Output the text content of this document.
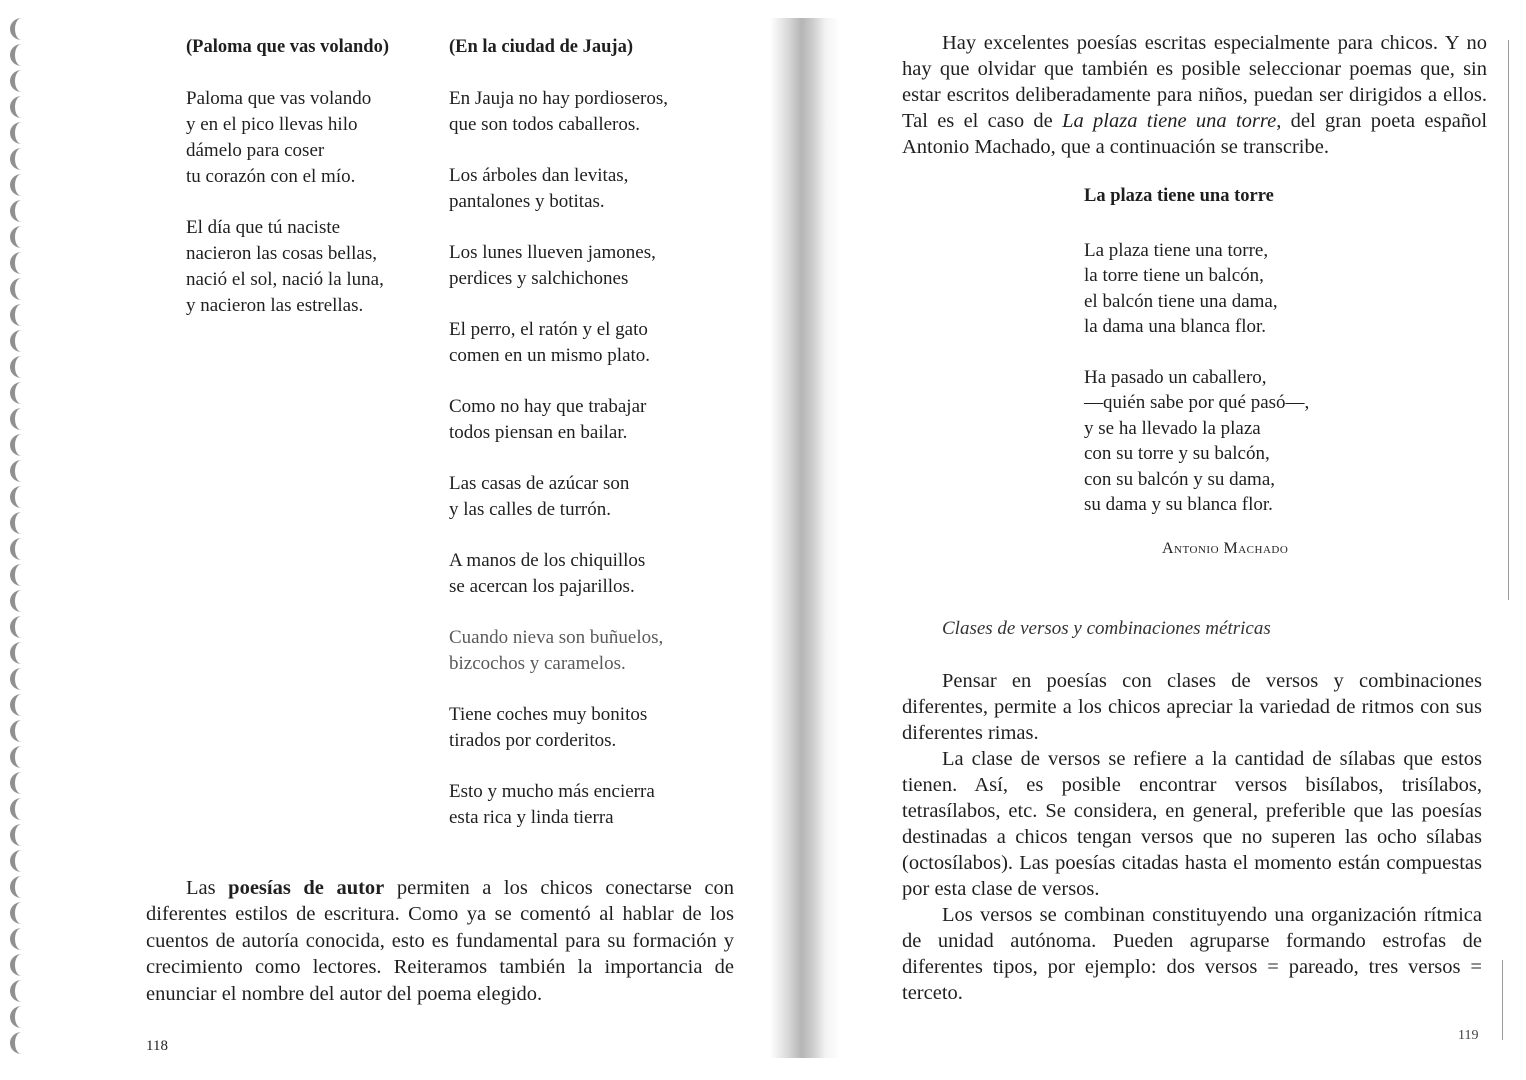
(Paloma que vas volando)
Paloma que vas volando
y en el pico llevas hilo
dámelo para coser
tu corazón con el mío.
El día que tú naciste
nacieron las cosas bellas,
nació el sol, nació la luna,
y nacieron las estrellas.
(En la ciudad de Jauja)
En Jauja no hay pordioseros,
que son todos caballeros.
Los árboles dan levitas,
pantalones y botitas.
Los lunes llueven jamones,
perdices y salchichones
El perro, el ratón y el gato
comen en un mismo plato.
Como no hay que trabajar
todos piensan en bailar.
Las casas de azúcar son
y las calles de turrón.
A manos de los chiquillos
se acercan los pajarillos.
Cuando nieva son buñuelos,
bizcochos y caramelos.
Tiene coches muy bonitos
tirados por corderitos.
Esto y mucho más encierra
esta rica y linda tierra

Las poesías de autor permiten a los chicos conectarse con diferentes estilos de escritura. Como ya se comentó al hablar de los cuentos de autoría conocida, esto es fundamental para su formación y crecimiento como lectores. Reiteramos también la importancia de enunciar el nombre del autor del poema elegido.

118

Hay excelentes poesías escritas especialmente para chicos. Y no hay que olvidar que también es posible seleccionar poemas que, sin estar escritos deliberadamente para niños, puedan ser dirigidos a ellos. Tal es el caso de La plaza tiene una torre, del gran poeta español Antonio Machado, que a continuación se transcribe.

La plaza tiene una torre
La plaza tiene una torre,
la torre tiene un balcón,
el balcón tiene una dama,
la dama una blanca flor.
Ha pasado un caballero,
—quién sabe por qué pasó—,
y se ha llevado la plaza
con su torre y su balcón,
con su balcón y su dama,
su dama y su blanca flor.
Antonio Machado
Clases de versos y combinaciones métricas

Pensar en poesías con clases de versos y combinaciones diferentes, permite a los chicos apreciar la variedad de ritmos con sus diferentes rimas.

La clase de versos se refiere a la cantidad de sílabas que estos tienen. Así, es posible encontrar versos bisílabos, trisílabos, tetrasílabos, etc. Se considera, en general, preferible que las poesías destinadas a chicos tengan versos que no superen las ocho sílabas (octosílabos). Las poesías citadas hasta el momento están compuestas por esta clase de versos.

Los versos se combinan constituyendo una organización rítmica de unidad autónoma. Pueden agruparse formando estrofas de diferentes tipos, por ejemplo: dos versos = pareado, tres versos = terceto.

119
